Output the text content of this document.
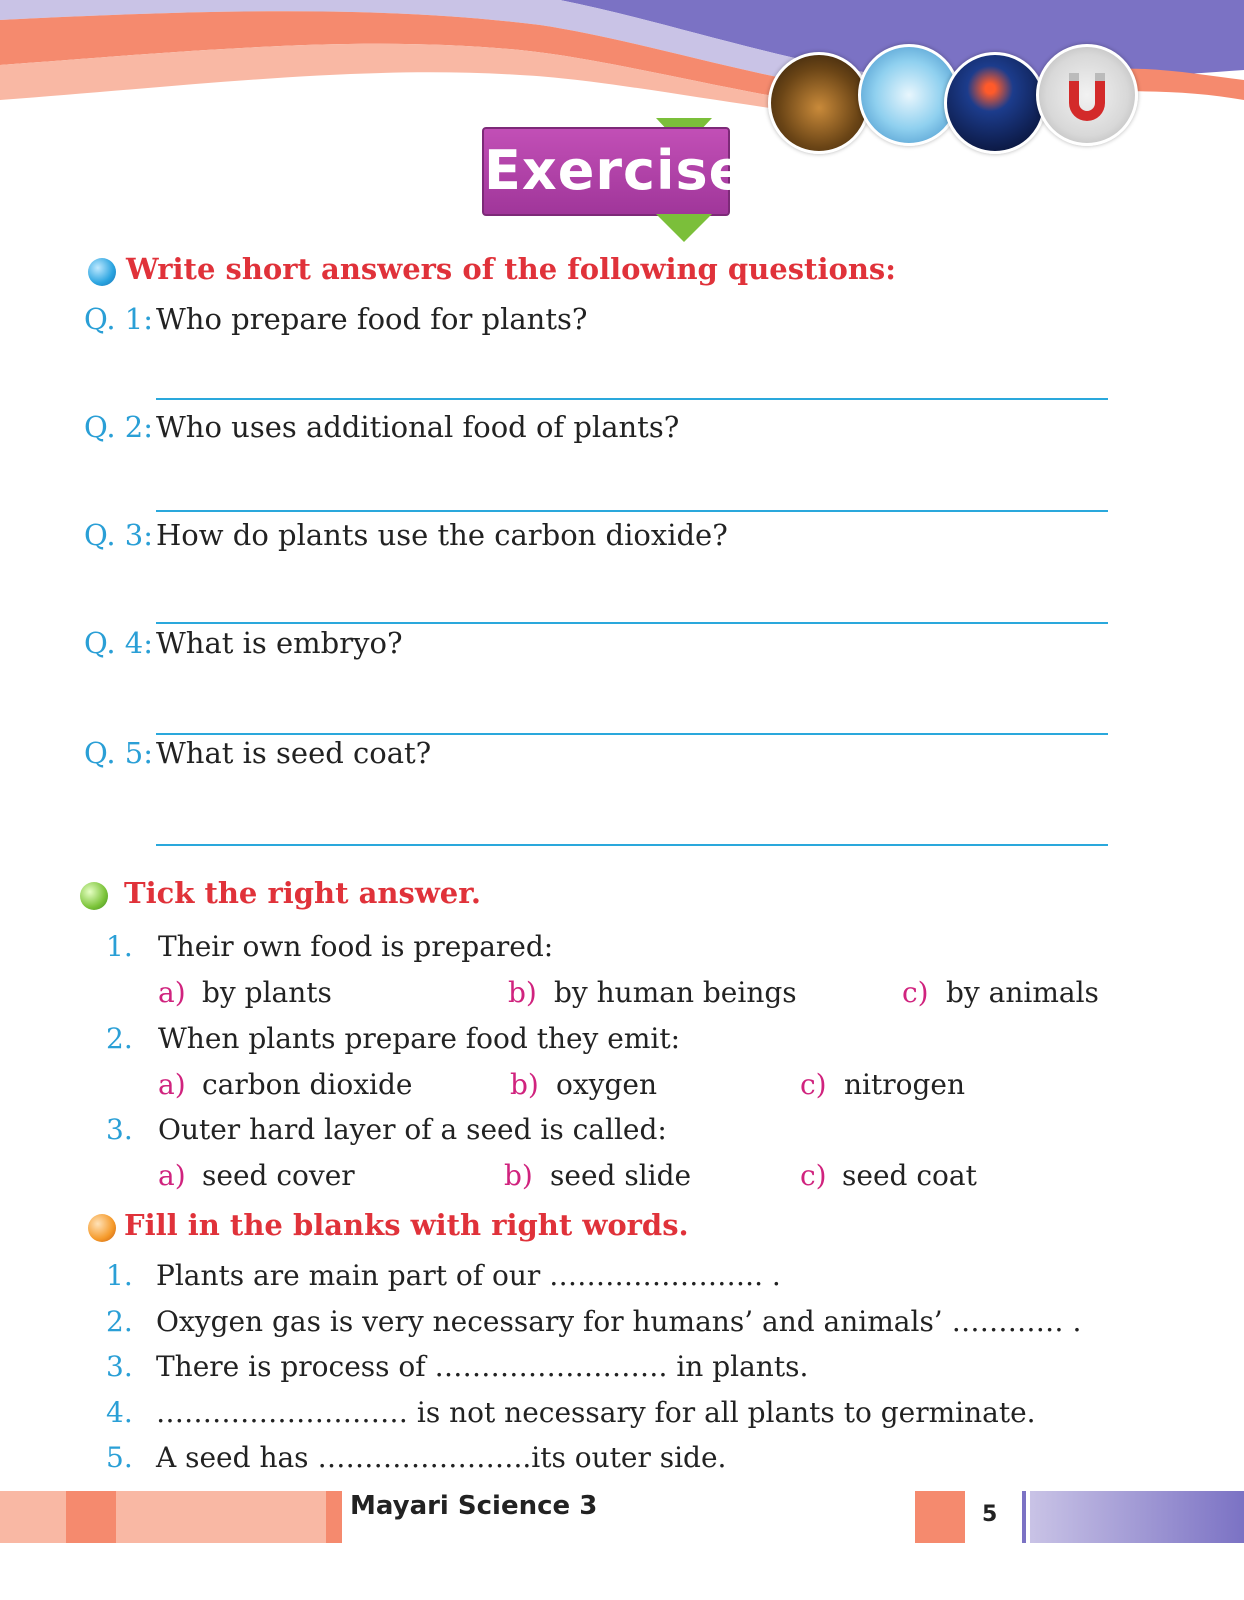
Exercise
Write short answers of the following questions:
Q. 1: Who prepare food for plants?
Q. 2: Who uses additional food of plants?
Q. 3: How do plants use the carbon dioxide?
Q. 4: What is embryo?
Q. 5: What is seed coat?
Tick the right answer.
1. Their own food is prepared:
a) by plants	b) by human beings	c) by animals
2. When plants prepare food they emit:
a) carbon dioxide	b) oxygen	c) nitrogen
3. Outer hard layer of a seed is called:
a) seed cover	b) seed slide	c) seed coat
Fill in the blanks with right words.
1. Plants are main part of our ………………….. .
2. Oxygen gas is very necessary for humans’ and animals’ ………… .
3. There is process of ……………………. in plants.
4. ……………………… is not necessary for all plants to germinate.
5. A seed has …………………..its outer side.
Mayari Science 3	5
